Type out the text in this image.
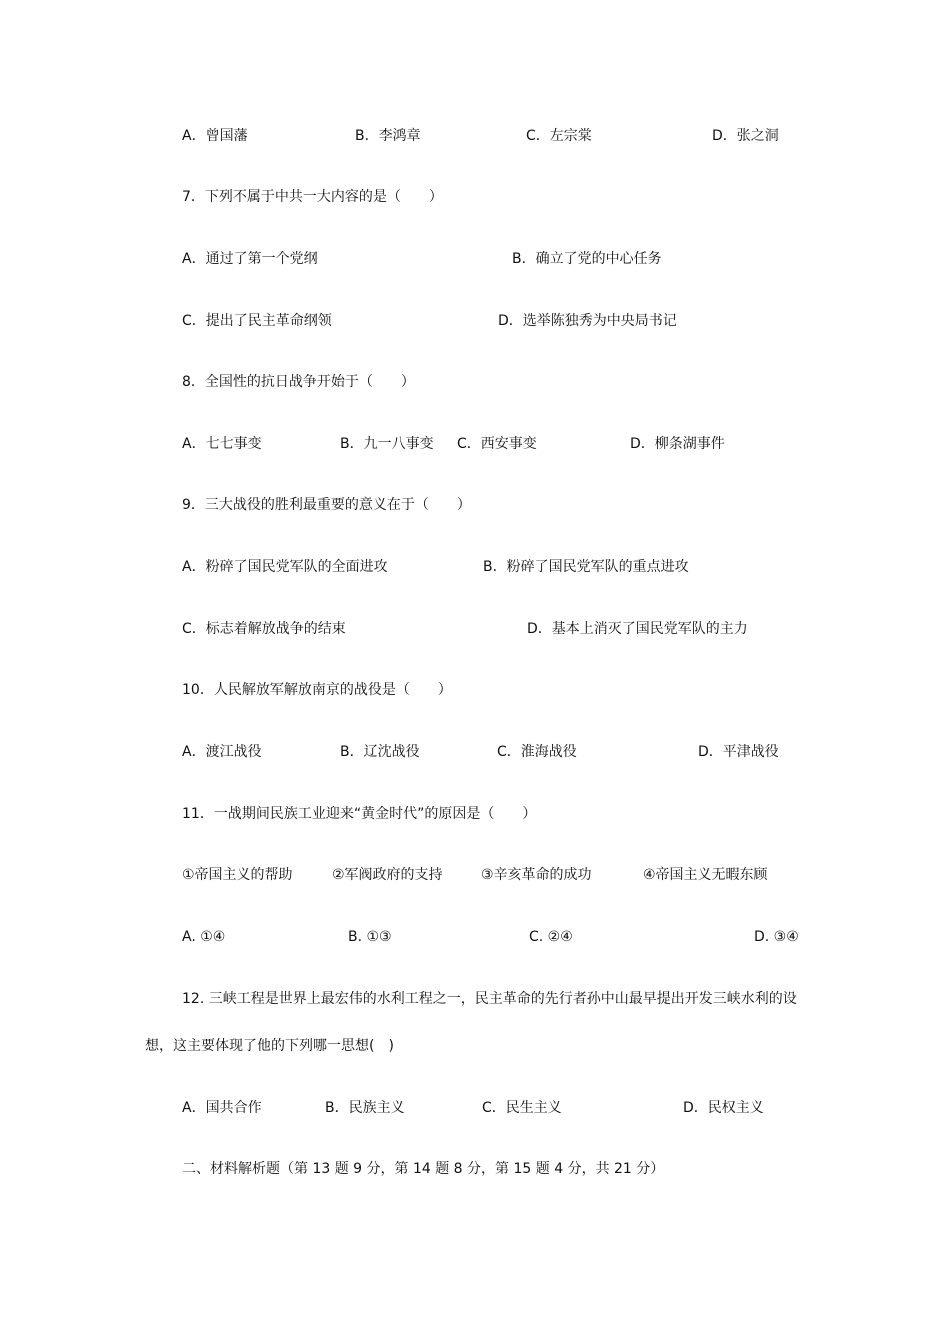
A．曾国藩	B．李鸿章	C．左宗棠	D．张之洞
7．下列不属于中共一大内容的是（　　）
A．通过了第一个党纲	B．确立了党的中心任务
C．提出了民主革命纲领	D．选举陈独秀为中央局书记
8．全国性的抗日战争开始于（　　）
A．七七事变	B．九一八事变 C．西安事变	D．柳条湖事件
9．三大战役的胜利最重要的意义在于（　　）
A．粉碎了国民党军队的全面进攻	B．粉碎了国民党军队的重点进攻
C．标志着解放战争的结束	D．基本上消灭了国民党军队的主力
10．人民解放军解放南京的战役是（　　）
A．渡江战役	B．辽沈战役	C．淮海战役	D．平津战役
11．一战期间民族工业迎来“黄金时代”的原因是（　　）
①帝国主义的帮助	②军阀政府的支持	③辛亥革命的成功	④帝国主义无暇东顾
A. ①④	B. ①③	C. ②④	D. ③④
12. 三峡工程是世界上最宏伟的水利工程之一，民主革命的先行者孙中山最早提出开发三峡水利的设
想，这主要体现了他的下列哪一思想(　)
A．国共合作	B．民族主义	C．民生主义	D．民权主义
二、材料解析题（第 13 题 9 分，第 14 题 8 分，第 15 题 4 分，共 21 分）
